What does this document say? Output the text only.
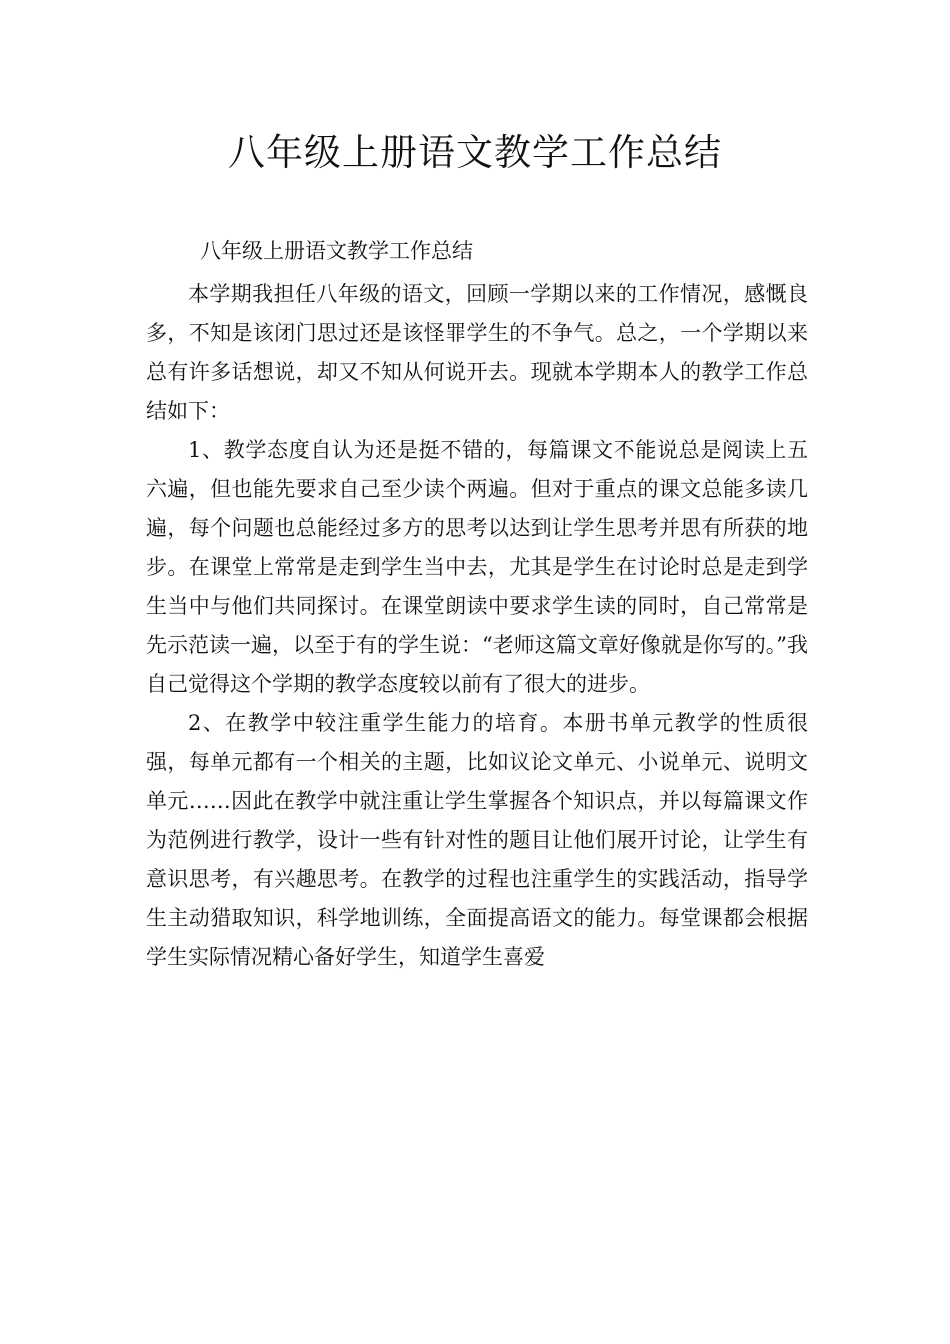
八年级上册语文教学工作总结

八年级上册语文教学工作总结

本学期我担任八年级的语文，回顾一学期以来的工作情况，感慨良多，不知是该闭门思过还是该怪罪学生的不争气。总之，一个学期以来总有许多话想说，却又不知从何说开去。现就本学期本人的教学工作总结如下：

1、教学态度自认为还是挺不错的，每篇课文不能说总是阅读上五六遍，但也能先要求自己至少读个两遍。但对于重点的课文总能多读几遍，每个问题也总能经过多方的思考以达到让学生思考并思有所获的地步。在课堂上常常是走到学生当中去，尤其是学生在讨论时总是走到学生当中与他们共同探讨。在课堂朗读中要求学生读的同时，自己常常是先示范读一遍，以至于有的学生说：“老师这篇文章好像就是你写的。”我自己觉得这个学期的教学态度较以前有了很大的进步。

2、在教学中较注重学生能力的培育。本册书单元教学的性质很强，每单元都有一个相关的主题，比如议论文单元、小说单元、说明文单元……因此在教学中就注重让学生掌握各个知识点，并以每篇课文作为范例进行教学，设计一些有针对性的题目让他们展开讨论，让学生有意识思考，有兴趣思考。在教学的过程也注重学生的实践活动，指导学生主动猎取知识，科学地训练，全面提高语文的能力。每堂课都会根据学生实际情况精心备好学生，知道学生喜爱
